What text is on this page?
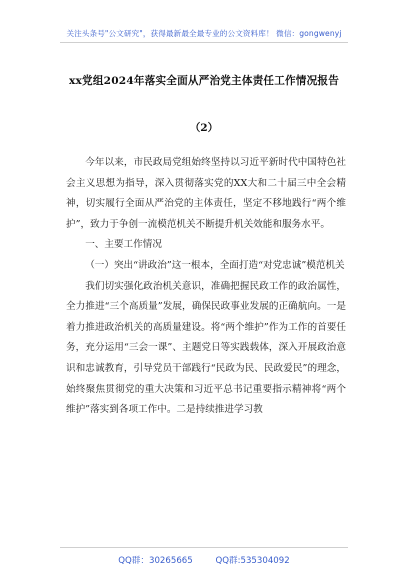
关注头条号"公文研究"，获得最新最全最专业的公文资料库！ 微信：gongwenyj
xx党组2024年落实全面从严治党主体责任工作情况报告
（2）

今年以来，市民政局党组始终坚持以习近平新时代中国特色社会主义思想为指导，深入贯彻落实党的XX大和二十届三中全会精神，切实履行全面从严治党的主体责任，坚定不移地践行“两个维护”，致力于争创一流模范机关不断提升机关效能和服务水平。

一、主要工作情况

（一）突出“讲政治”这一根本，全面打造“对党忠诚”模范机关

我们切实强化政治机关意识，准确把握民政工作的政治属性，全力推进“三个高质量”发展，确保民政事业发展的正确航向。一是着力推进政治机关的高质量建设。将“两个维护”作为工作的首要任务，充分运用“三会一课”、主题党日等实践载体，深入开展政治意识和忠诚教育，引导党员干部践行“民政为民、民政爱民”的理念，始终聚焦贯彻党的重大决策和习近平总书记重要指示精神将“两个维护”落实到各项工作中。二是持续推进学习教

QQ群：30265665	QQ群:535304092
